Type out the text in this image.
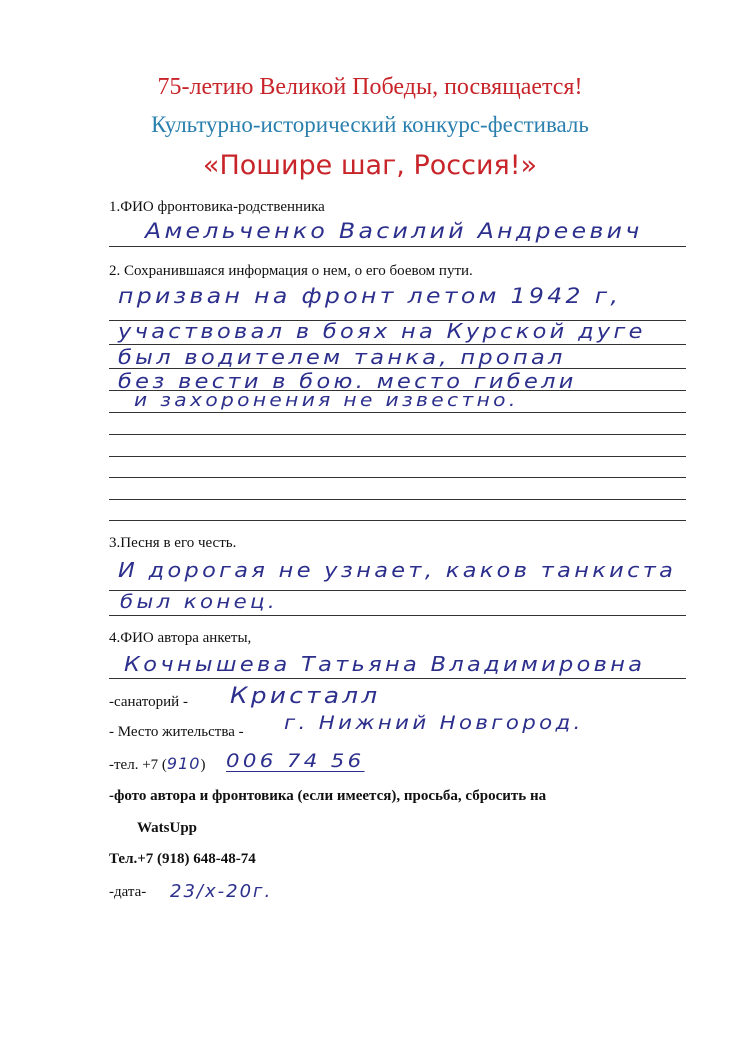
75-летию Великой Победы, посвящается!
Культурно-исторический конкурс-фестиваль
«Пошире шаг, Россия!»
1.ФИО фронтовика-родственника
Амельченко Василий Андреевич
2. Сохранившаяся информация о нем, о его боевом пути.
призван на фронт летом 1942 г,
участвовал в боях на Курской дуге
был водителем танка, пропал
без вести в бою. место гибели
и захоронения не известно.
3.Песня в его честь.
И дорогая не узнает, каков танкиста
был конец.
4.ФИО автора анкеты,
Кочнышева Татьяна Владимировна
-санаторий - Кристалл
- Место жительства - г. Нижний Новгород.
-тел. +7 (910) 006 74 56
-фото автора и фронтовика (если имеется), просьба, сбросить на
WatsUpp
Тел.+7 (918) 648-48-74
-дата- 23/х-20г.
